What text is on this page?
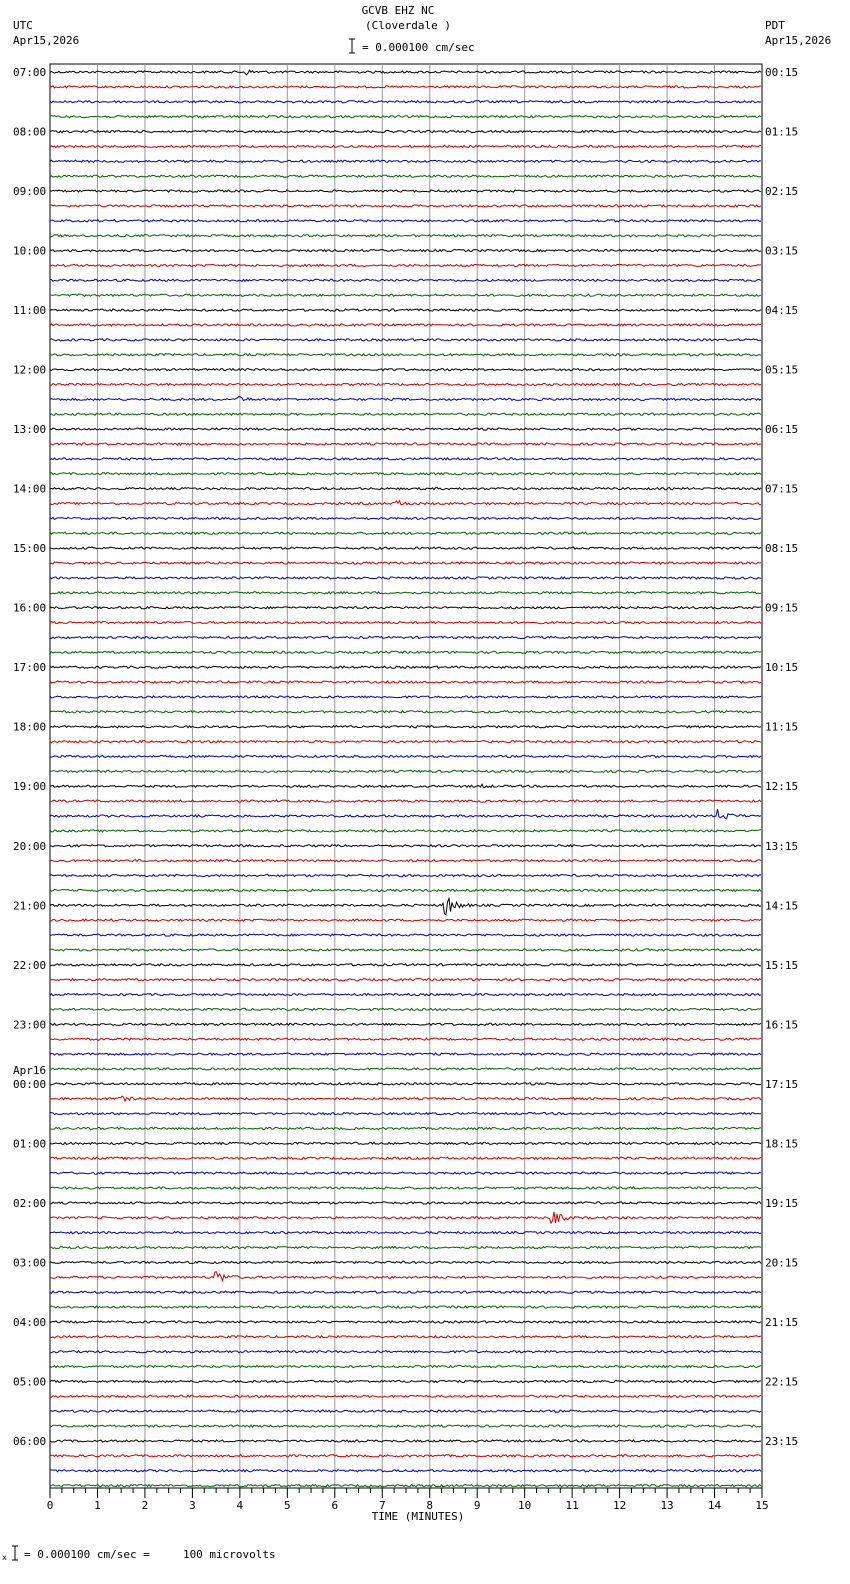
GCVB EHZ NC
(Cloverdale )
= 0.000100 cm/sec
UTC
Apr15,2026
PDT
Apr15,2026
07:00
08:00
09:00
10:00
11:00
12:00
13:00
14:00
15:00
16:00
17:00
18:00
19:00
20:00
21:00
22:00
23:00
00:00
Apr16
01:00
02:00
03:00
04:00
05:00
06:00
00:15
01:15
02:15
03:15
04:15
05:15
06:15
07:15
08:15
09:15
10:15
11:15
12:15
13:15
14:15
15:15
16:15
17:15
18:15
19:15
20:15
21:15
22:15
23:15
0	1	2	3	4	5	6	7	8	9	10	11	12	13	14	15
TIME (MINUTES)
x = 0.000100 cm/sec =     100 microvolts
